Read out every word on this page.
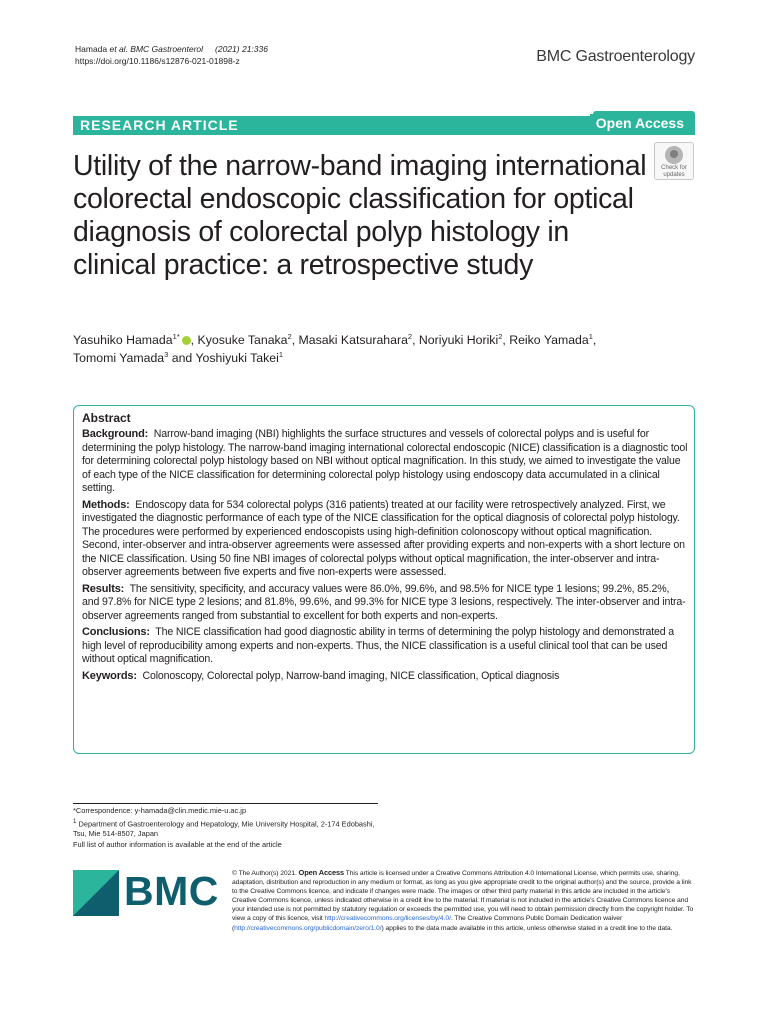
Hamada et al. BMC Gastroenterol (2021) 21:336
https://doi.org/10.1186/s12876-021-01898-z	BMC Gastroenterology
RESEARCH ARTICLE	Open Access
Check for
updates
Utility of the narrow-band imaging international colorectal endoscopic classification for optical diagnosis of colorectal polyp histology in clinical practice: a retrospective study
Yasuhiko Hamada$^{1*}$ , Kyosuke Tanaka$^2$, Masaki Katsurahara$^2$, Noriyuki Horiki$^2$, Reiko Yamada$^1$,
Tomomi Yamada$^3$ and Yoshiyuki Takei$^1$
Abstract

Background: Narrow-band imaging (NBI) highlights the surface structures and vessels of colorectal polyps and is useful for determining the polyp histology. The narrow-band imaging international colorectal endoscopic (NICE) classification is a diagnostic tool for determining colorectal polyp histology based on NBI without optical magnification. In this study, we aimed to investigate the value of each type of the NICE classification for determining colorectal polyp histology using endoscopy data accumulated in a clinical setting.

Methods: Endoscopy data for 534 colorectal polyps (316 patients) treated at our facility were retrospectively analyzed. First, we investigated the diagnostic performance of each type of the NICE classification for the optical diagnosis of colorectal polyp histology. The procedures were performed by experienced endoscopists using high-definition colonoscopy without optical magnification. Second, inter-observer and intra-observer agreements were assessed after providing experts and non-experts with a short lecture on the NICE classification. Using 50 fine NBI images of colorectal polyps without optical magnification, the inter-observer and intra-observer agreements between five experts and five non-experts were assessed.

Results: The sensitivity, specificity, and accuracy values were 86.0%, 99.6%, and 98.5% for NICE type 1 lesions; 99.2%, 85.2%, and 97.8% for NICE type 2 lesions; and 81.8%, 99.6%, and 99.3% for NICE type 3 lesions, respectively. The inter-observer and intra-observer agreements ranged from substantial to excellent for both experts and non-experts.

Conclusions: The NICE classification had good diagnostic ability in terms of determining the polyp histology and demonstrated a high level of reproducibility among experts and non-experts. Thus, the NICE classification is a useful clinical tool that can be used without optical magnification.

Keywords: Colonoscopy, Colorectal polyp, Narrow-band imaging, NICE classification, Optical diagnosis

*Correspondence: y-hamada@clin.medic.mie-u.ac.jp
$^1$ Department of Gastroenterology and Hepatology, Mie University Hospital, 2-174 Edobashi, Tsu, Mie 514-8507, Japan
Full list of author information is available at the end of the article
BMC © The Author(s) 2021. Open Access This article is licensed under a Creative Commons Attribution 4.0 International License, which permits use, sharing, adaptation, distribution and reproduction in any medium or format, as long as you give appropriate credit to the original author(s) and the source, provide a link to the Creative Commons licence, and indicate if changes were made. The images or other third party material in this article are included in the article's Creative Commons licence, unless indicated otherwise in a credit line to the material. If material is not included in the article's Creative Commons licence and your intended use is not permitted by statutory regulation or exceeds the permitted use, you will need to obtain permission directly from the copyright holder. To view a copy of this licence, visit http://creativecommons.org/licenses/by/4.0/. The Creative Commons Public Domain Dedication waiver (http://creativecommons.org/publicdomain/zero/1.0/) applies to the data made available in this article, unless otherwise stated in a credit line to the data.
